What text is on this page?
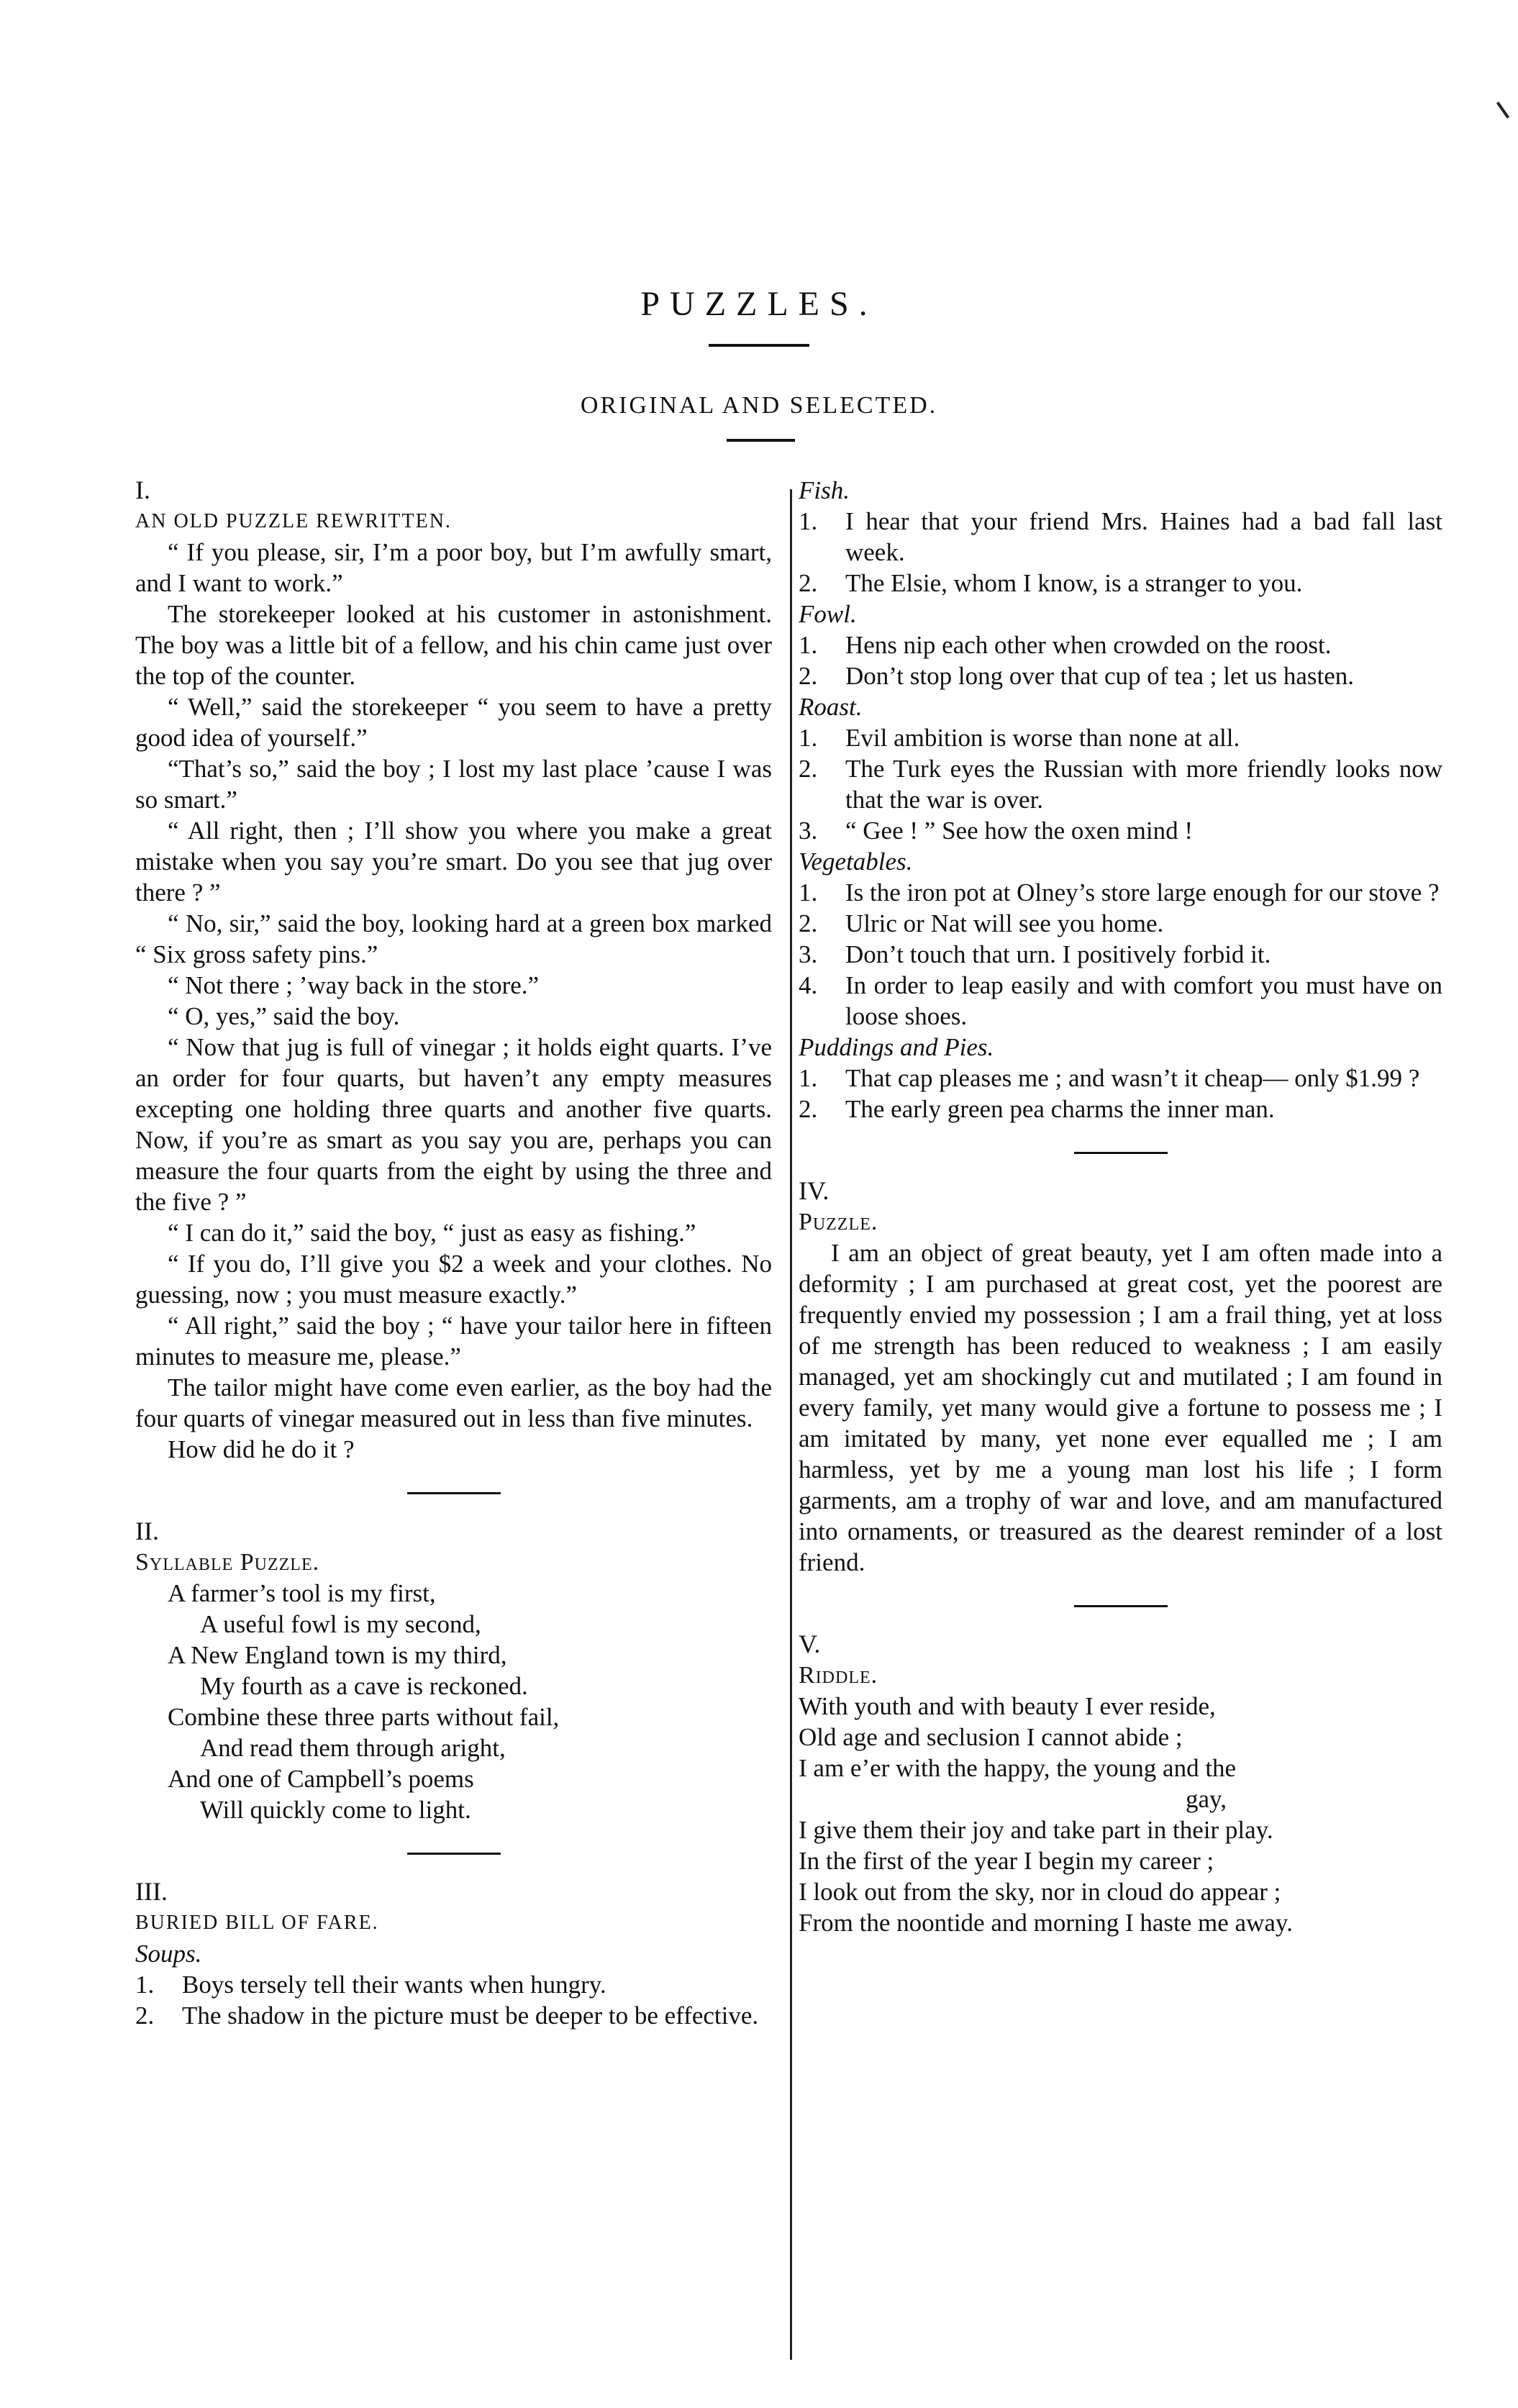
PUZZLES.
ORIGINAL AND SELECTED.

I.

AN OLD PUZZLE REWRITTEN.

“ If you please, sir, I’m a poor boy, but I’m awfully smart, and I want to work.”

The storekeeper looked at his customer in astonishment. The boy was a little bit of a fellow, and his chin came just over the top of the counter.

“ Well,” said the storekeeper “ you seem to have a pretty good idea of yourself.”

“That’s so,” said the boy ; I lost my last place ’cause I was so smart.”

“ All right, then ; I’ll show you where you make a great mistake when you say you’re smart. Do you see that jug over there ? ”

“ No, sir,” said the boy, looking hard at a green box marked “ Six gross safety pins.”

“ Not there ; ’way back in the store.”

“ O, yes,” said the boy.

“ Now that jug is full of vinegar ; it holds eight quarts. I’ve an order for four quarts, but haven’t any empty measures excepting one holding three quarts and another five quarts. Now, if you’re as smart as you say you are, perhaps you can measure the four quarts from the eight by using the three and the five ? ”

“ I can do it,” said the boy, “ just as easy as fishing.”

“ If you do, I’ll give you $2 a week and your clothes. No guessing, now ; you must measure exactly.”

“ All right,” said the boy ; “ have your tailor here in fifteen minutes to measure me, please.”

The tailor might have come even earlier, as the boy had the four quarts of vinegar measured out in less than five minutes.

How did he do it ?

II.

Syllable Puzzle.

A farmer’s tool is my first,

A useful fowl is my second,

A New England town is my third,

My fourth as a cave is reckoned.

Combine these three parts without fail,

And read them through aright,

And one of Campbell’s poems

Will quickly come to light.

III.

BURIED BILL OF FARE.

Soups.

1. Boys tersely tell their wants when hungry.
2. The shadow in the picture must be deeper to be effective.

Fish.

1. I hear that your friend Mrs. Haines had a bad fall last week.
2. The Elsie, whom I know, is a stranger to you.

Fowl.

1. Hens nip each other when crowded on the roost.
2. Don’t stop long over that cup of tea ; let us hasten.

Roast.

1. Evil ambition is worse than none at all.
2. The Turk eyes the Russian with more friendly looks now that the war is over.
3. “ Gee ! ” See how the oxen mind !

Vegetables.

1. Is the iron pot at Olney’s store large enough for our stove ?
2. Ulric or Nat will see you home.
3. Don’t touch that urn. I positively forbid it.
4. In order to leap easily and with comfort you must have on loose shoes.

Puddings and Pies.

1. That cap pleases me ; and wasn’t it cheap— only $1.99 ?
2. The early green pea charms the inner man.

IV.

Puzzle.

I am an object of great beauty, yet I am often made into a deformity ; I am purchased at great cost, yet the poorest are frequently envied my possession ; I am a frail thing, yet at loss of me strength has been reduced to weakness ; I am easily managed, yet am shockingly cut and mutilated ; I am found in every family, yet many would give a fortune to possess me ; I am imitated by many, yet none ever equalled me ; I am harmless, yet by me a young man lost his life ; I form garments, am a trophy of war and love, and am manufactured into ornaments, or treasured as the dearest reminder of a lost friend.

V.

Riddle.

With youth and with beauty I ever reside,

Old age and seclusion I cannot abide ;

I am e’er with the happy, the young and the

gay,

I give them their joy and take part in their play.

In the first of the year I begin my career ;

I look out from the sky, nor in cloud do appear ;

From the noontide and morning I haste me away.
